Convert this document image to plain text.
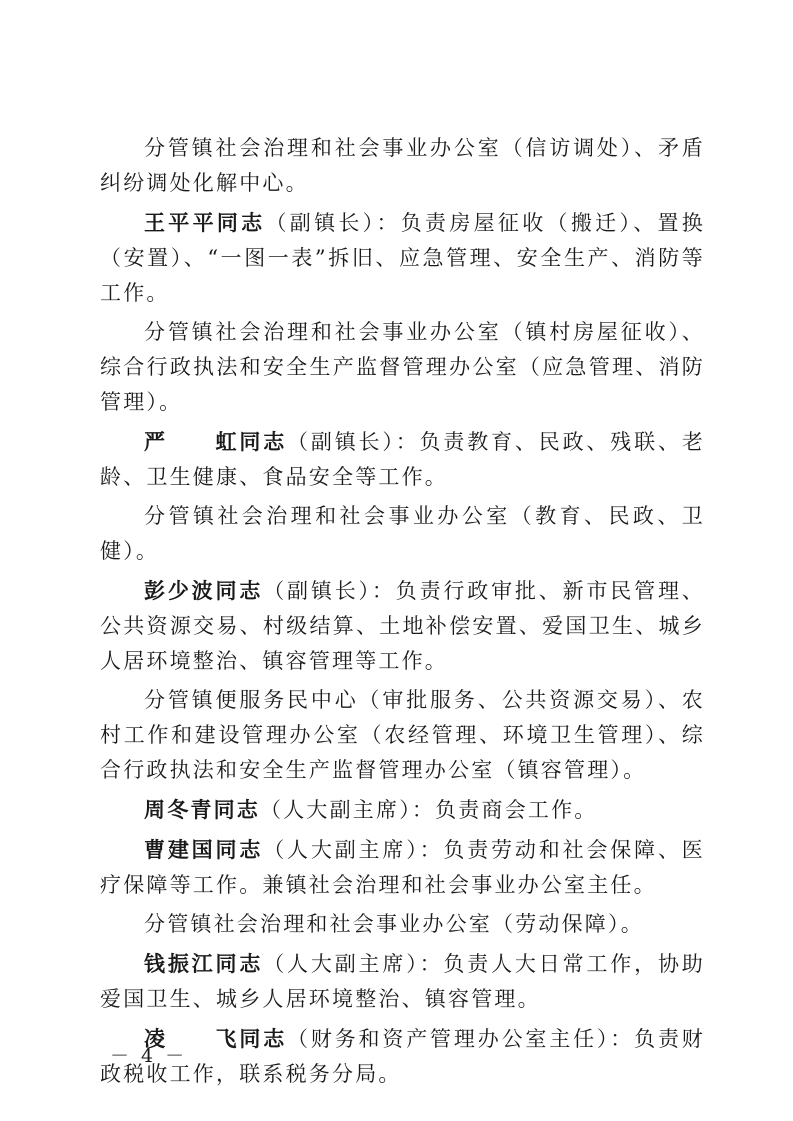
分管镇社会治理和社会事业办公室（信访调处）、矛盾纠纷调处化解中心。

王平平同志（副镇长）：负责房屋征收（搬迁）、置换（安置）、“一图一表”拆旧、应急管理、安全生产、消防等工作。

分管镇社会治理和社会事业办公室（镇村房屋征收）、综合行政执法和安全生产监督管理办公室（应急管理、消防管理）。

严　　虹同志（副镇长）：负责教育、民政、残联、老龄、卫生健康、食品安全等工作。

分管镇社会治理和社会事业办公室（教育、民政、卫健）。

彭少波同志（副镇长）：负责行政审批、新市民管理、公共资源交易、村级结算、土地补偿安置、爱国卫生、城乡人居环境整治、镇容管理等工作。

分管镇便服务民中心（审批服务、公共资源交易）、农村工作和建设管理办公室（农经管理、环境卫生管理）、综合行政执法和安全生产监督管理办公室（镇容管理）。

周冬青同志（人大副主席）：负责商会工作。

曹建国同志（人大副主席）：负责劳动和社会保障、医疗保障等工作。兼镇社会治理和社会事业办公室主任。

分管镇社会治理和社会事业办公室（劳动保障）。

钱振江同志（人大副主席）：负责人大日常工作，协助爱国卫生、城乡人居环境整治、镇容管理。

凌　　飞同志（财务和资产管理办公室主任）：负责财政税收工作，联系税务分局。

－ 4 －
